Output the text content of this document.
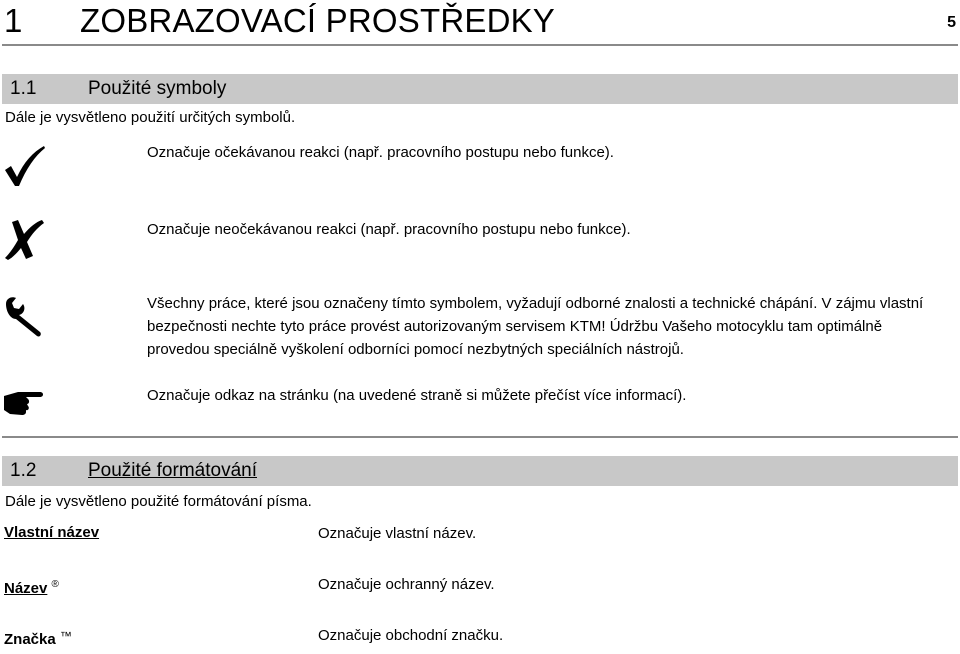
1 ZOBRAZOVACÍ PROSTŘEDKY	5
1.1	Použité symboly
Dále je vysvětleno použití určitých symbolů.
Označuje očekávanou reakci (např. pracovního postupu nebo funkce).
Označuje neočekávanou reakci (např. pracovního postupu nebo funkce).
Všechny práce, které jsou označeny tímto symbolem, vyžadují odborné znalosti a technické chápání. V zájmu vlastní bezpečnosti nechte tyto práce provést autorizovaným servisem KTM! Údržbu Vašeho motocyklu tam optimálně provedou speciálně vyškolení odborníci pomocí nezbytných speciálních nástrojů.
Označuje odkaz na stránku (na uvedené straně si můžete přečíst více informací).
1.2	Použité formátování
Dále je vysvětleno použité formátování písma.
Vlastní název	Označuje vlastní název.
Název ®	Označuje ochranný název.
Značka ™	Označuje obchodní značku.
